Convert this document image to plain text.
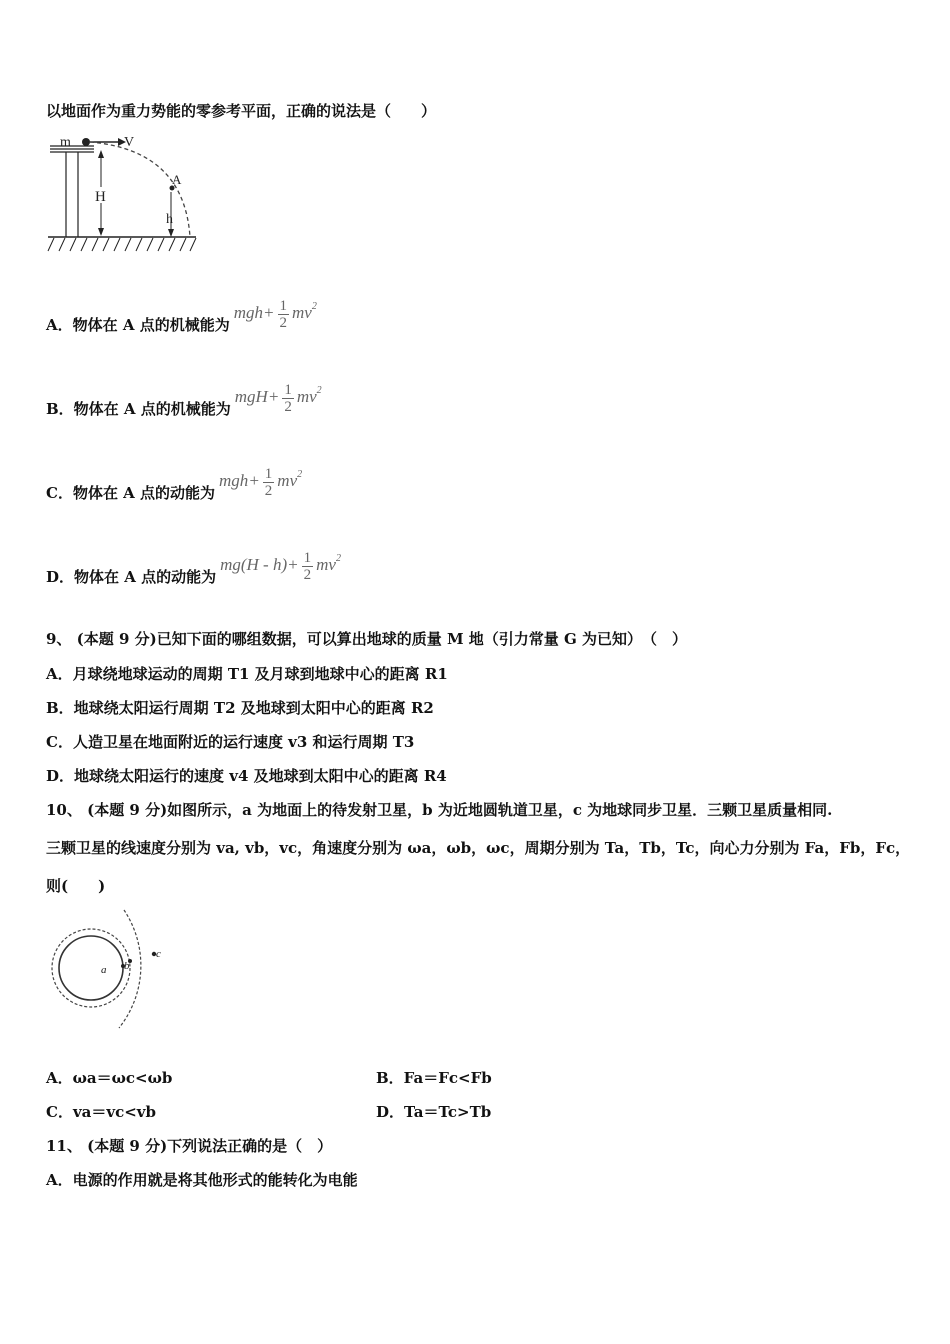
以地面作为重力势能的零参考平面，正确的说法是（　　）
m	V
H
A
h
A．物体在 A 点的机械能为$mgh+ \frac{1}{2} mv^2$
B．物体在 A 点的机械能为$mgH+ \frac{1}{2} mv^2$
C．物体在 A 点的动能为$mgh+ \frac{1}{2} mv^2$
D．物体在 A 点的动能为$mg(H - h)+ \frac{1}{2} mv^2$
9、 (本题 9 分)已知下面的哪组数据，可以算出地球的质量 M 地（引力常量 G 为已知）　（　）
A．月球绕地球运动的周期 T1 及月球到地球中心的距离 R1
B．地球绕太阳运行周期 T2 及地球到太阳中心的距离 R2
C．人造卫星在地面附近的运行速度 v3 和运行周期 T3
D．地球绕太阳运行的速度 v4 及地球到太阳中心的距离 R4
10、 (本题 9 分)如图所示，a 为地面上的待发射卫星，b 为近地圆轨道卫星，c 为地球同步卫星．三颗卫星质量相同.
三颗卫星的线速度分别为 va, vb，vc，角速度分别为 ωa，ωb，ωc，周期分别为 Ta，Tb，Tc，向心力分别为 Fa，Fb，Fc，
则(　　)
a b
c
A．ωa＝ωc<ωb	B．Fa＝Fc<Fb
C．va＝vc<vb	D．Ta＝Tc>Tb
11、 (本题 9 分)下列说法正确的是（　）
A．电源的作用就是将其他形式的能转化为电能
